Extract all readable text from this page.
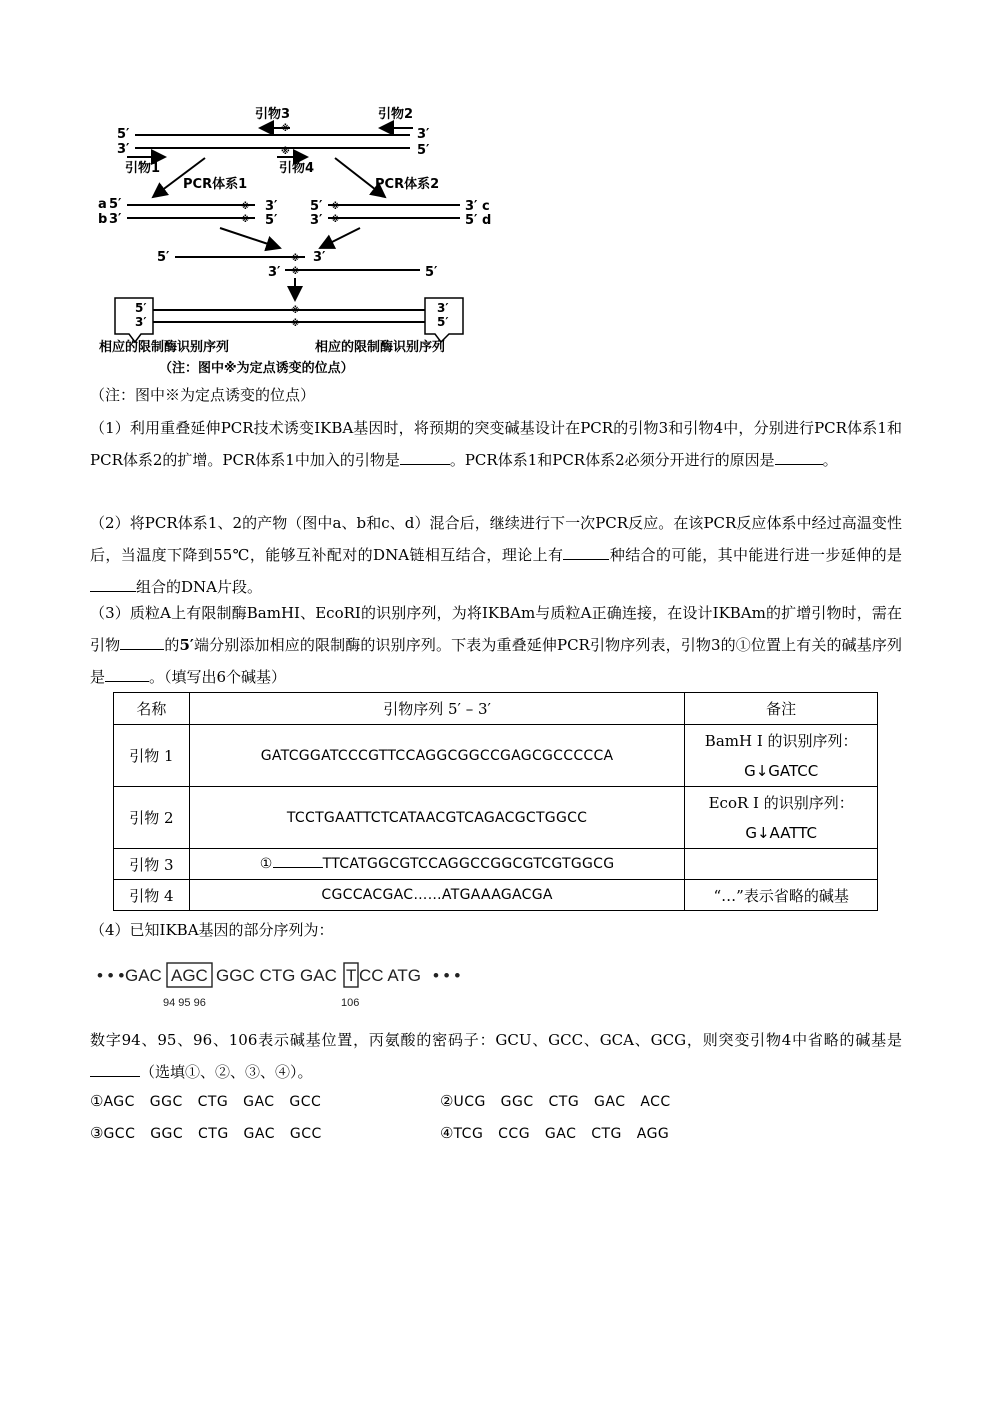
5′	3′
3′	5′
引物3
※
引物2
引物1
※
引物4
PCR体系1	PCR体系2
a 5′	※ 3′
b 3′	※ 5′
5′ ※	3′ c
3′ ※	5′ d
5′	※ 3′
3′ ※	5′
5′
3′
3′
5′
※
※
相应的限制酶识别序列	相应的限制酶识别序列
（注：图中※为定点诱变的位点）

（注：图中※为定点诱变的位点）

（1）利用重叠延伸PCR技术诱变IKBA基因时，将预期的突变碱基设计在PCR的引物3和引物4中，分别进行PCR体系1和PCR体系2的扩增。PCR体系1中加入的引物是	。PCR体系1和PCR体系2必须分开进行的原因是	。

（2）将PCR体系1、2的产物（图中a、b和c、d）混合后，继续进行下一次PCR反应。在该PCR反应体系中经过高温变性后，当温度下降到55℃，能够互补配对的DNA链相互结合，理论上有	种结合的可能，其中能进行进一步延伸的是组合的DNA片段。

（3）质粒A上有限制酶BamHI、EcoRI的识别序列，为将IKBAm与质粒A正确连接，在设计IKBAm的扩增引物时，需在引物	的5′端分别添加相应的限制酶的识别序列。下表为重叠延伸PCR引物序列表，引物3的①位置上有关的碱基序列是	。（填写出6个碱基）

名称	引物序列 5′ – 3′	备注
引物 1	GATCGGATCCCGTTCCAGGCGGCCGAGCGCCCCCA	BamH I 的识别序列：
G↓GATCC

引物 2	TCCTGAATTCTCATAACGTCAGACGCTGGCC	EcoR I 的识别序列：
G↓AATTC

引物 3	① TTCATGGCGTCCAGGCCGGCGTCGTGGCG	
引物 4	CGCCACGAC……ATGAAAGACGA	“…”表示省略的碱基

（4）已知IKBA基因的部分序列为：

• • • GAC AGC GGC CTG GAC T CC ATG • • •
94 95 96	106

数字94、95、96、106表示碱基位置，丙氨酸的密码子：GCU、GCC、GCA、GCG，则突变引物4中省略的碱基是（选填①、②、③、④）。

①AGC   GGC   CTG   GAC   GCC	②UCG   GGC   CTG   GAC   ACC
③GCC   GGC   CTG   GAC   GCC	④TCG   CCG   GAC   CTG   AGG
